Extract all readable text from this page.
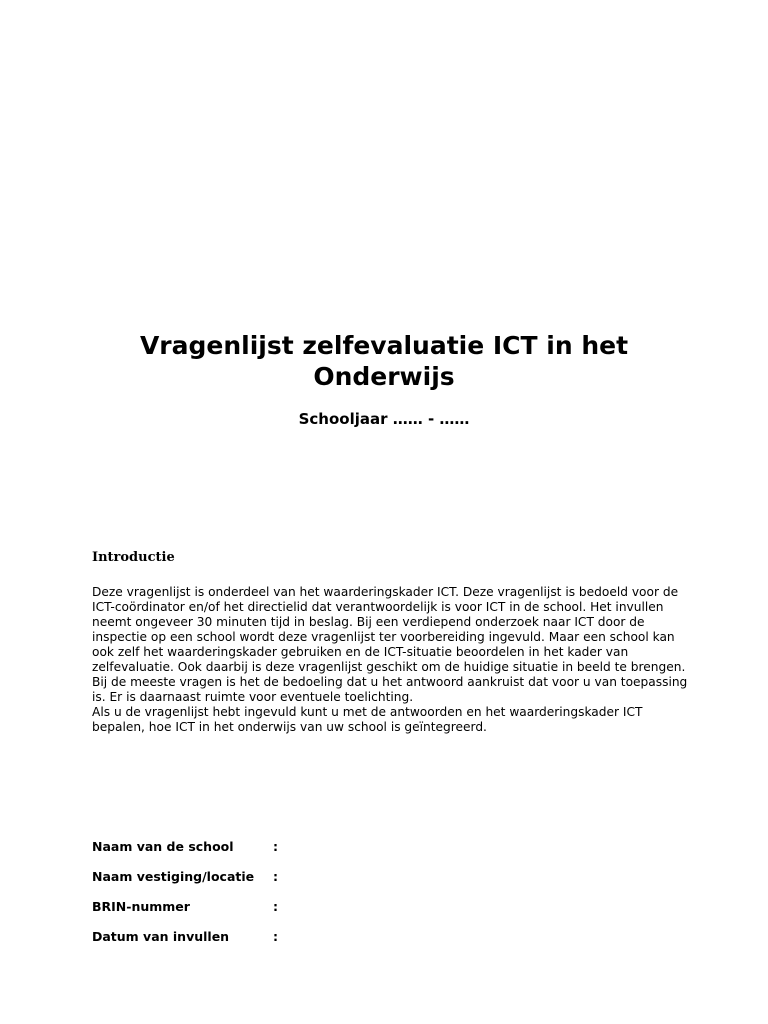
Vragenlijst zelfevaluatie ICT in het Onderwijs
Schooljaar …… - ……
Introductie

Deze vragenlijst is onderdeel van het waarderingskader ICT. Deze vragenlijst is bedoeld voor de ICT-coördinator en/of het directielid dat verantwoordelijk is voor ICT in de school. Het invullen neemt ongeveer 30 minuten tijd in beslag. Bij een verdiepend onderzoek naar ICT door de inspectie op een school wordt deze vragenlijst ter voorbereiding ingevuld. Maar een school kan ook zelf het waarderingskader gebruiken en de ICT-situatie beoordelen in het kader van zelfevaluatie. Ook daarbij is deze vragenlijst geschikt om de huidige situatie in beeld te brengen.

Bij de meeste vragen is het de bedoeling dat u het antwoord aankruist dat voor u van toepassing is. Er is daarnaast ruimte voor eventuele toelichting.

Als u de vragenlijst hebt ingevuld kunt u met de antwoorden en het waarderingskader ICT bepalen, hoe ICT in het onderwijs van uw school is geïntegreerd.

Naam van de school	:
Naam vestiging/locatie	:
BRIN-nummer	:
Datum van invullen	:
